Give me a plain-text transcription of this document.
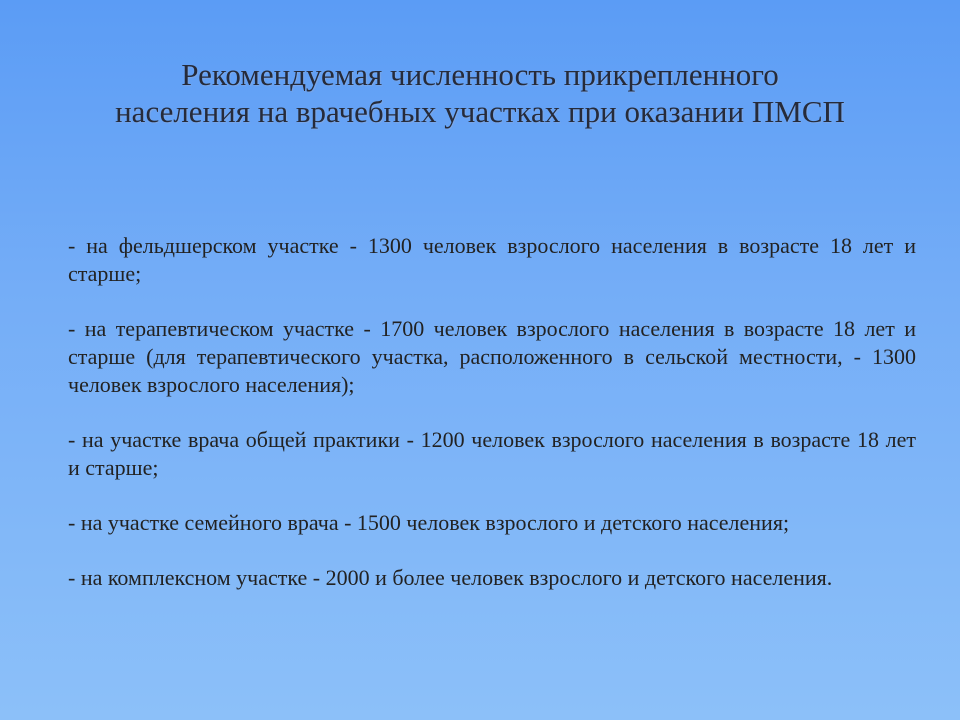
Рекомендуемая численность прикрепленного
населения на врачебных участках при оказании ПМСП

- на фельдшерском участке - 1300 человек взрослого населения в возрасте 18 лет и старше;

- на терапевтическом участке - 1700 человек взрослого населения в возрасте 18 лет и старше (для терапевтического участка, расположенного в сельской местности, - 1300 человек взрослого населения);

- на участке врача общей практики - 1200 человек взрослого населения в возрасте 18 лет и старше;

- на участке семейного врача - 1500 человек взрослого и детского населения;

- на комплексном участке - 2000 и более человек взрослого и детского населения.
